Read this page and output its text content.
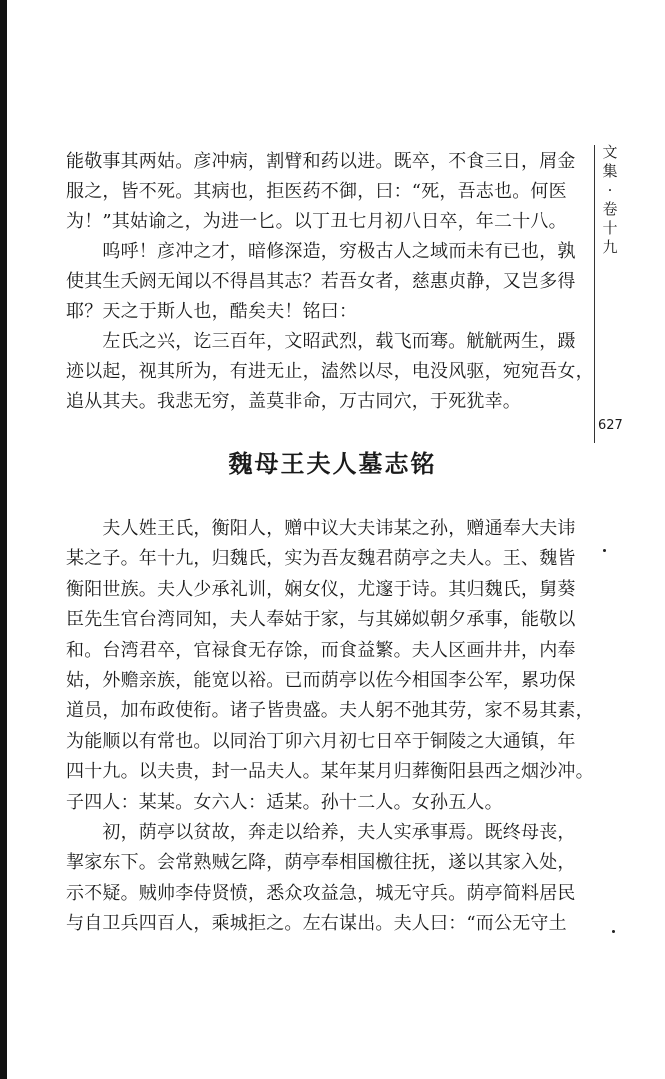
文
集
·
卷
十
九
627
能敬事其两姑。彦冲病，割臂和药以进。既卒，不食三日，屑金
服之，皆不死。其病也，拒医药不御，曰：“死，吾志也。何医
为！”其姑谕之，为进一匕。以丁丑七月初八日卒，年二十八。
　　呜呼！彦冲之才，暗修深造，穷极古人之域而未有已也，孰
使其生夭阏无闻以不得昌其志？若吾女者，慈惠贞静，又岂多得
耶？天之于斯人也，酷矣夫！铭曰：
　　左氏之兴，讫三百年，文昭武烈，载飞而骞。觥觥两生，蹑
迹以起，视其所为，有进无止，溘然以尽，电没风驱，宛宛吾女，
追从其夫。我悲无穷，盖莫非命，万古同穴，于死犹幸。
魏母王夫人墓志铭
　　夫人姓王氏，衡阳人，赠中议大夫讳某之孙，赠通奉大夫讳
某之子。年十九，归魏氏，实为吾友魏君荫亭之夫人。王、魏皆
衡阳世族。夫人少承礼训，娴女仪，尤邃于诗。其归魏氏，舅葵
臣先生官台湾同知，夫人奉姑于家，与其娣姒朝夕承事，能敬以
和。台湾君卒，官禄食无存馀，而食益繁。夫人区画井井，内奉
姑，外赡亲族，能宽以裕。已而荫亭以佐今相国李公军，累功保
道员，加布政使衔。诸子皆贵盛。夫人躬不弛其劳，家不易其素，
为能顺以有常也。以同治丁卯六月初七日卒于铜陵之大通镇，年
四十九。以夫贵，封一品夫人。某年某月归葬衡阳县西之烟沙冲。
子四人：某某。女六人：适某。孙十二人。女孙五人。
　　初，荫亭以贫故，奔走以给养，夫人实承事焉。既终母丧，
挈家东下。会常熟贼乞降，荫亭奉相国檄往抚，遂以其家入处，
示不疑。贼帅李侍贤愤，悉众攻益急，城无守兵。荫亭简料居民
与自卫兵四百人，乘城拒之。左右谋出。夫人曰：“而公无守土
